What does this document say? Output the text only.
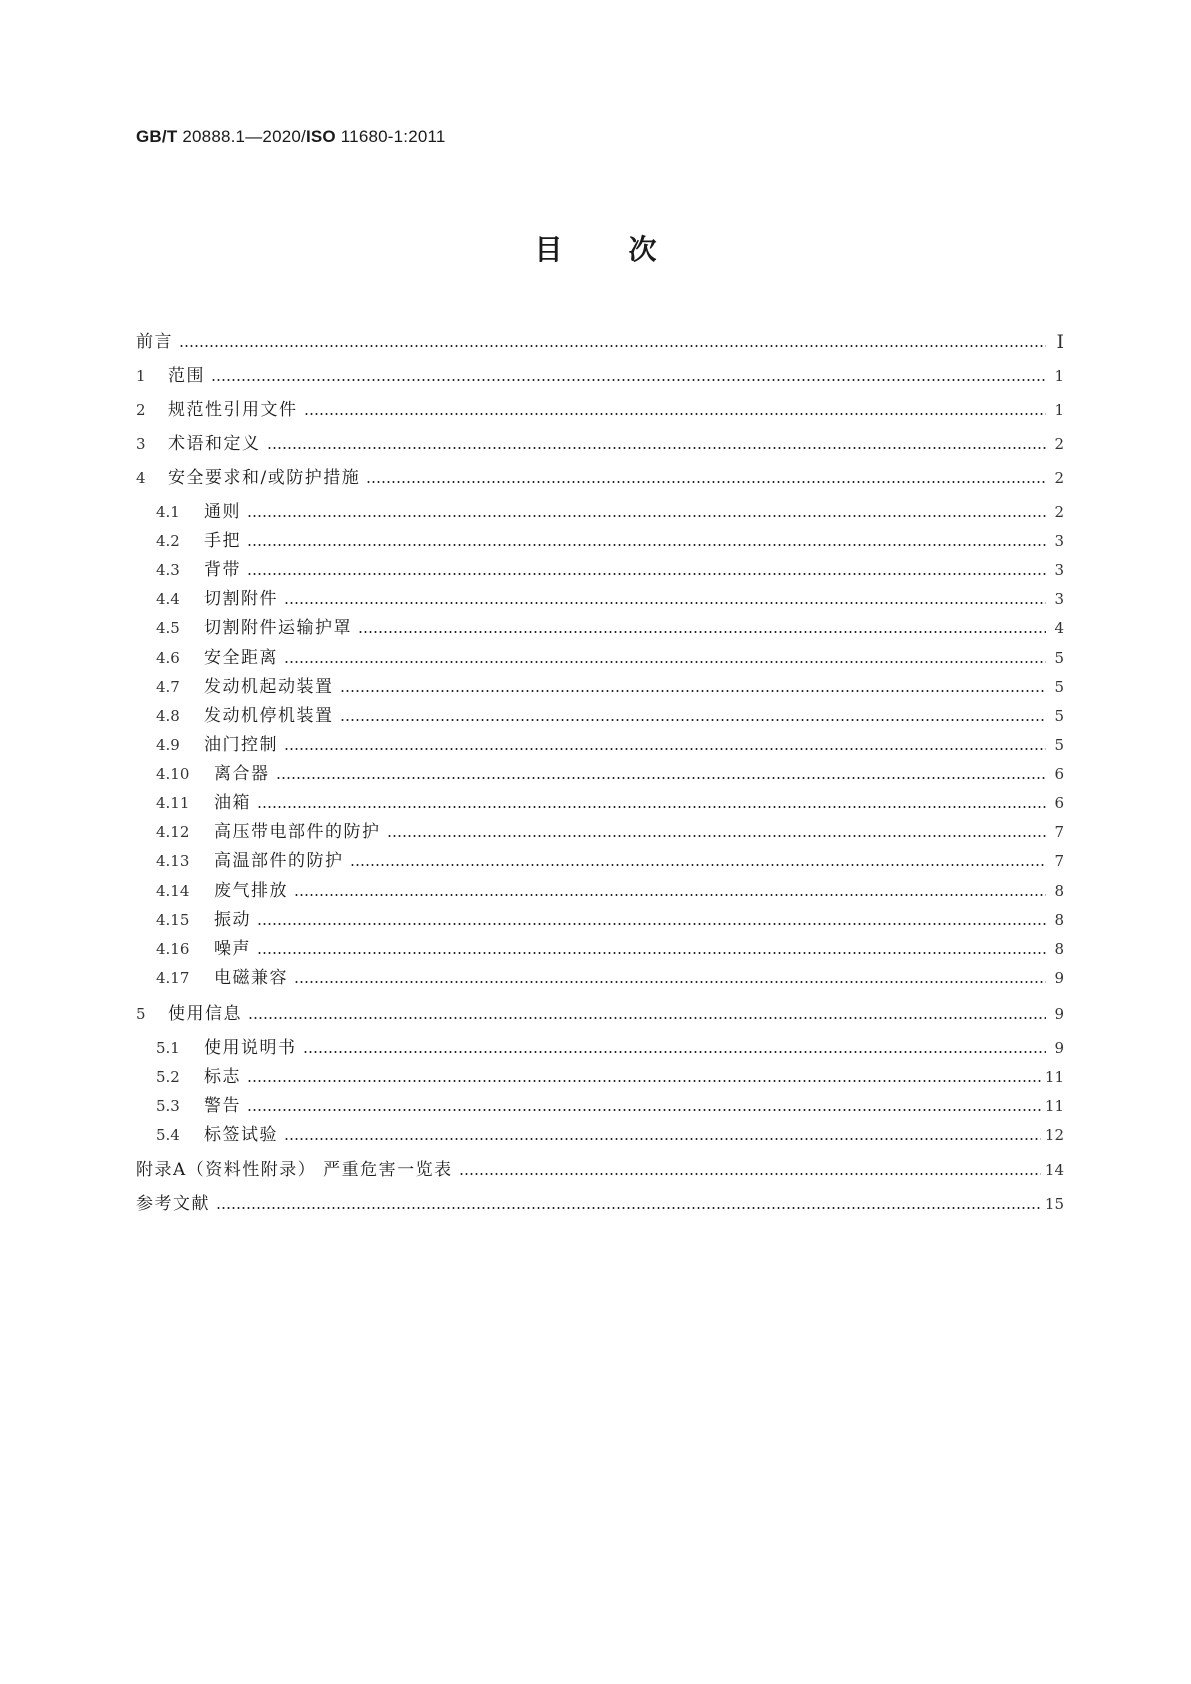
GB/T 20888.1—2020/ISO 11680-1:2011
目次
前言	Ⅰ
1	范围	1
2	规范性引用文件	1
3	术语和定义	2
4	安全要求和/或防护措施	2
4.1	通则	2
4.2	手把	3
4.3	背带	3
4.4	切割附件	3
4.5	切割附件运输护罩	4
4.6	安全距离	5
4.7	发动机起动装置	5
4.8	发动机停机装置	5
4.9	油门控制	5
4.10	离合器	6
4.11	油箱	6
4.12	高压带电部件的防护	7
4.13	高温部件的防护	7
4.14	废气排放	8
4.15	振动	8
4.16	噪声	8
4.17	电磁兼容	9
5	使用信息	9
5.1	使用说明书	9
5.2	标志	11
5.3	警告	11
5.4	标签试验	12
附录A（资料性附录） 严重危害一览表	14
参考文献	15
